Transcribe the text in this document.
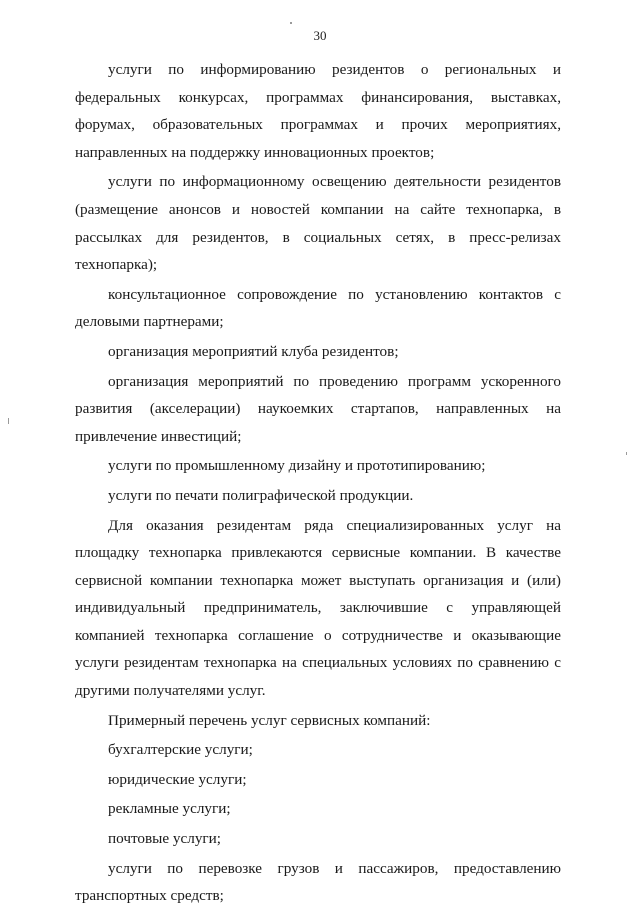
30

услуги по информированию резидентов о региональных и федеральных конкурсах, программах финансирования, выставках, форумах, образовательных программах и прочих мероприятиях, направленных на поддержку инновационных проектов;

услуги по информационному освещению деятельности резидентов (размещение анонсов и новостей компании на сайте технопарка, в рассылках для резидентов, в социальных сетях, в пресс-релизах технопарка);

консультационное сопровождение по установлению контактов с деловыми партнерами;

организация мероприятий клуба резидентов;

организация мероприятий по проведению программ ускоренного развития (акселерации) наукоемких стартапов, направленных на привлечение инвестиций;

услуги по промышленному дизайну и прототипированию;

услуги по печати полиграфической продукции.

Для оказания резидентам ряда специализированных услуг на площадку технопарка привлекаются сервисные компании. В качестве сервисной компании технопарка может выступать организация и (или) индивидуальный предприниматель, заключившие с управляющей компанией технопарка соглашение о сотрудничестве и оказывающие услуги резидентам технопарка на специальных условиях по сравнению с другими получателями услуг.

Примерный перечень услуг сервисных компаний:

бухгалтерские услуги;

юридические услуги;

рекламные услуги;

почтовые услуги;

услуги по перевозке грузов и пассажиров, предоставлению транспортных средств;
